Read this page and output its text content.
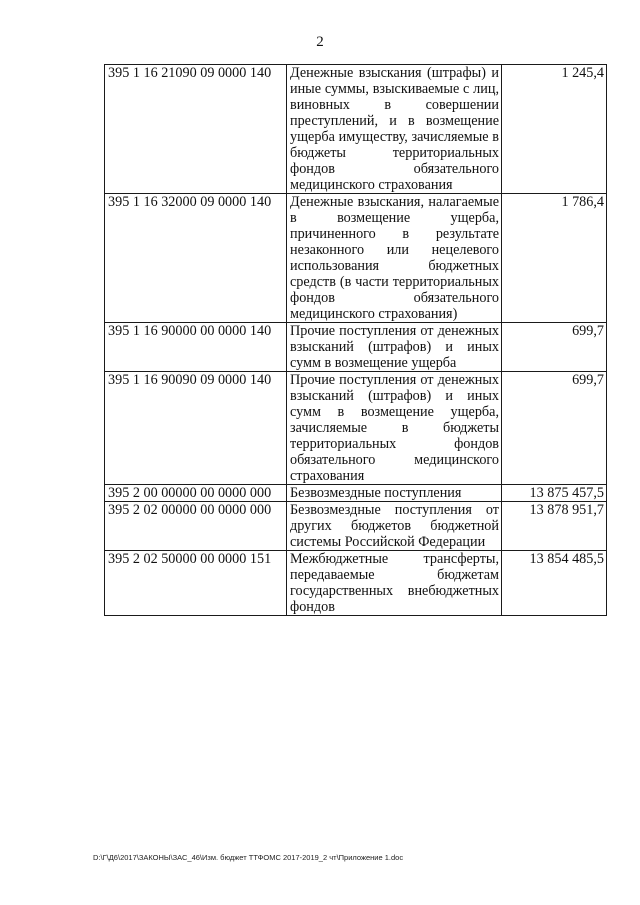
2
395 1 16 21090 09 0000 140	Денежные взыскания (штрафы) и иные суммы, взыскиваемые с лиц, виновных в совершении преступлений, и в возмещение ущерба имуществу, зачисляемые в бюджеты территориальных фондов обязательного медицинского страхования	1 245,4
395 1 16 32000 09 0000 140	Денежные взыскания, налагаемые в возмещение ущерба, причиненного в результате незаконного или нецелевого использования бюджетных средств (в части территориальных фондов обязательного медицинского страхования)	1 786,4
395 1 16 90000 00 0000 140	Прочие поступления от денежных взысканий (штрафов) и иных сумм в возмещение ущерба	699,7
395 1 16 90090 09 0000 140	Прочие поступления от денежных взысканий (штрафов) и иных сумм в возмещение ущерба, зачисляемые в бюджеты территориальных фондов обязательного медицинского страхования	699,7
395 2 00 00000 00 0000 000	Безвозмездные поступления	13 875 457,5
395 2 02 00000 00 0000 000	Безвозмездные поступления от других бюджетов бюджетной системы Российской Федерации	13 878 951,7
395 2 02 50000 00 0000 151	Межбюджетные трансферты, передаваемые бюджетам государственных внебюджетных фондов	13 854 485,5
D:\Г\Д6\2017\ЗАКОНЫ\ЗАС_46\Изм. бюджет ТТФОМС 2017-2019_2 чт\Приложение 1.doc
